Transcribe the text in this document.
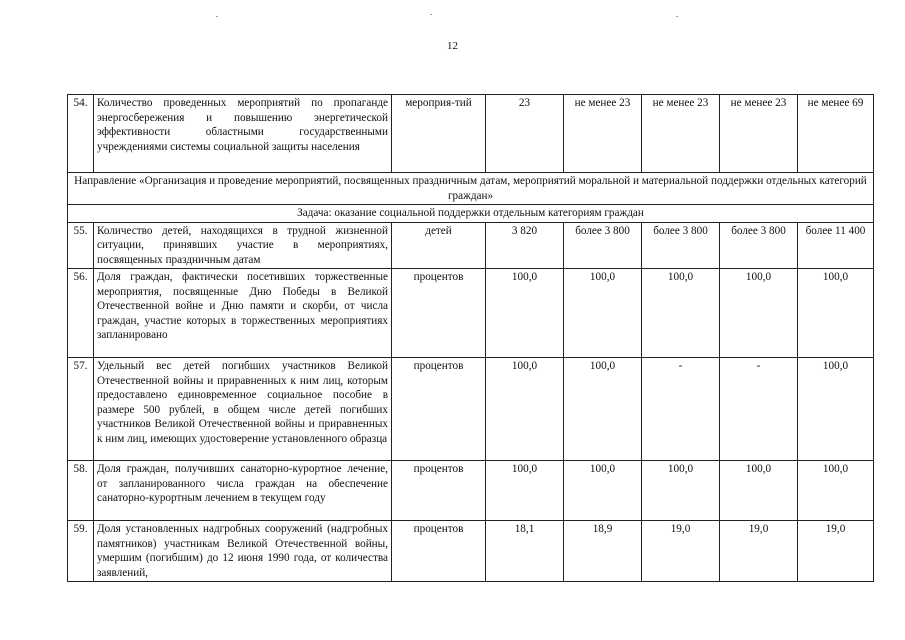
12
54.	Количество проведенных мероприятий по пропаганде энергосбережения и повышению энергетической эффективности областными государственными учреждениями системы социальной защиты населения	мероприя-тий	23	не менее 23	не менее 23	не менее 23	не менее 69
Направление «Организация и проведение мероприятий, посвященных праздничным датам, мероприятий моральной и материальной поддержки отдельных категорий граждан»							
Задача: оказание социальной поддержки отдельным категориям граждан							
55.	Количество детей, находящихся в трудной жизненной ситуации, принявших участие в мероприятиях, посвященных праздничным датам	детей	3 820	более 3 800	более 3 800	более 3 800	более 11 400
56.	Доля граждан, фактически посетивших торжественные мероприятия, посвященные Дню Победы в Великой Отечественной войне и Дню памяти и скорби, от числа граждан, участие которых в торжественных мероприятиях запланировано	процентов	100,0	100,0	100,0	100,0	100,0
57.	Удельный вес детей погибших участников Великой Отечественной войны и приравненных к ним лиц, которым предоставлено единовременное социальное пособие в размере 500 рублей, в общем числе детей погибших участников Великой Отечественной войны и приравненных к ним лиц, имеющих удостоверение установленного образца	процентов	100,0	100,0	-	-	100,0
58.	Доля граждан, получивших санаторно-курортное лечение, от запланированного числа граждан на обеспечение санаторно-курортным лечением в текущем году	процентов	100,0	100,0	100,0	100,0	100,0
59.	Доля установленных надгробных сооружений (надгробных памятников) участникам Великой Отечественной войны, умершим (погибшим) до 12 июня 1990 года, от количества заявлений,	процентов	18,1	18,9	19,0	19,0	19,0
